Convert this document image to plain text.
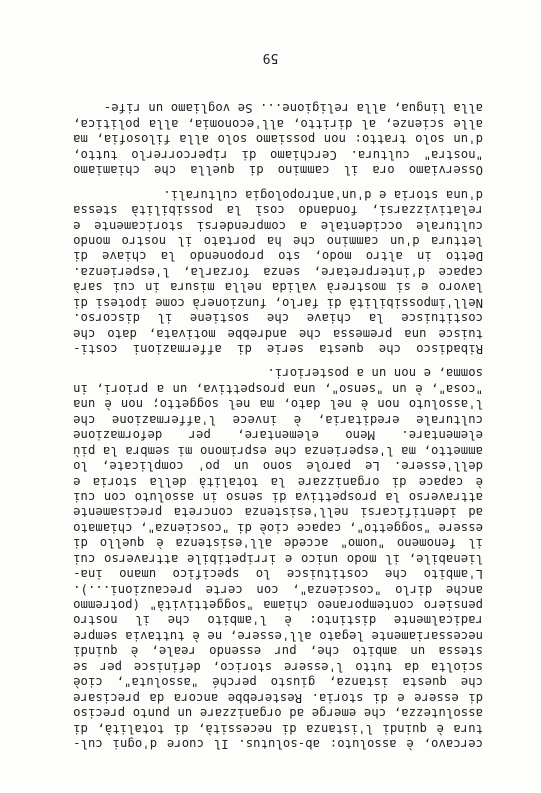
cercavo, è assoluto: ab-solutus. Il cuore d'ogni cul-
tura è quindi l'istanza di necessità, di totalità, di
assolutezza, che emerge ad organizzare un punto preciso
di essere e di storia. Resterebbe ancora da precisare
che questa istanza, giusto perché "assoluta", cioè
sciolta da tutto l'essere storico, definisce per se
stessa un ambito che, pur essendo reale, è quindi
necessariamente legato all'essere, ne è tuttavia sempre
radicalmente distinto: è l'ambito che il nostro
pensiero contemporaneo chiama "soggettività" (potremmo
anche dirlo "coscienza", con certe precauzioni...).
L'ambito che costituisce lo specifico umano ina-
lienabile, il modo unico e irripetibile attraverso cui
il fenomeno "uomo" accede all'esistenza è quello di
essere "soggetto", capace cioè di "coscienza", chiamato
ad identificarsi nell'esistenza concreta precisamente
attraverso la prospettiva di senso in assoluto con cui
è capace di organizzare la totalità della storia e
dell'essere. Le parole sono un po' complicate, lo
ammetto, ma l'esperienza che esprimono mi sembra la più
elementare. Meno elementare, per deformazione
culturale ereditaria, è invece l'affermazione che
l'assoluto non è nel dato, ma nel soggetto; non è una
"cosa", è un "senso", una prospettiva, un a priori, in
somma, e non un a posteriori.
Ribadisco che questa serie di affermazioni costi-
tuisce una premessa che andrebbe motivata, dato che
costituisce la chiave che sostiene il discorso.
Nell'impossibilità di farlo, funzionerà come ipotesi di
lavoro e si mostrerà valida nella misura in cui sarà
capace d'interpretare, senza forzarla, l'esperienza.
Detto in altro modo, sto proponendo la chiave di
lettura d'un cammino che ha portato il nostro mondo
culturale occidentale a comprendersi storicamente e
relativizzarsi, fondando così la possibilità stessa
d'una storia e d'un'antropologia culturali.
Osserviamo ora il cammino di quella che chiamiamo
"nostra" cultura. Cerchiamo di ripercorrerlo tutto,
d'un solo tratto: non possiamo solo alla filosofia, ma
alle scienze, al diritto, all'economia, alla politica,
alla lingua, alla religione... Se vogliamo un rife-
59
